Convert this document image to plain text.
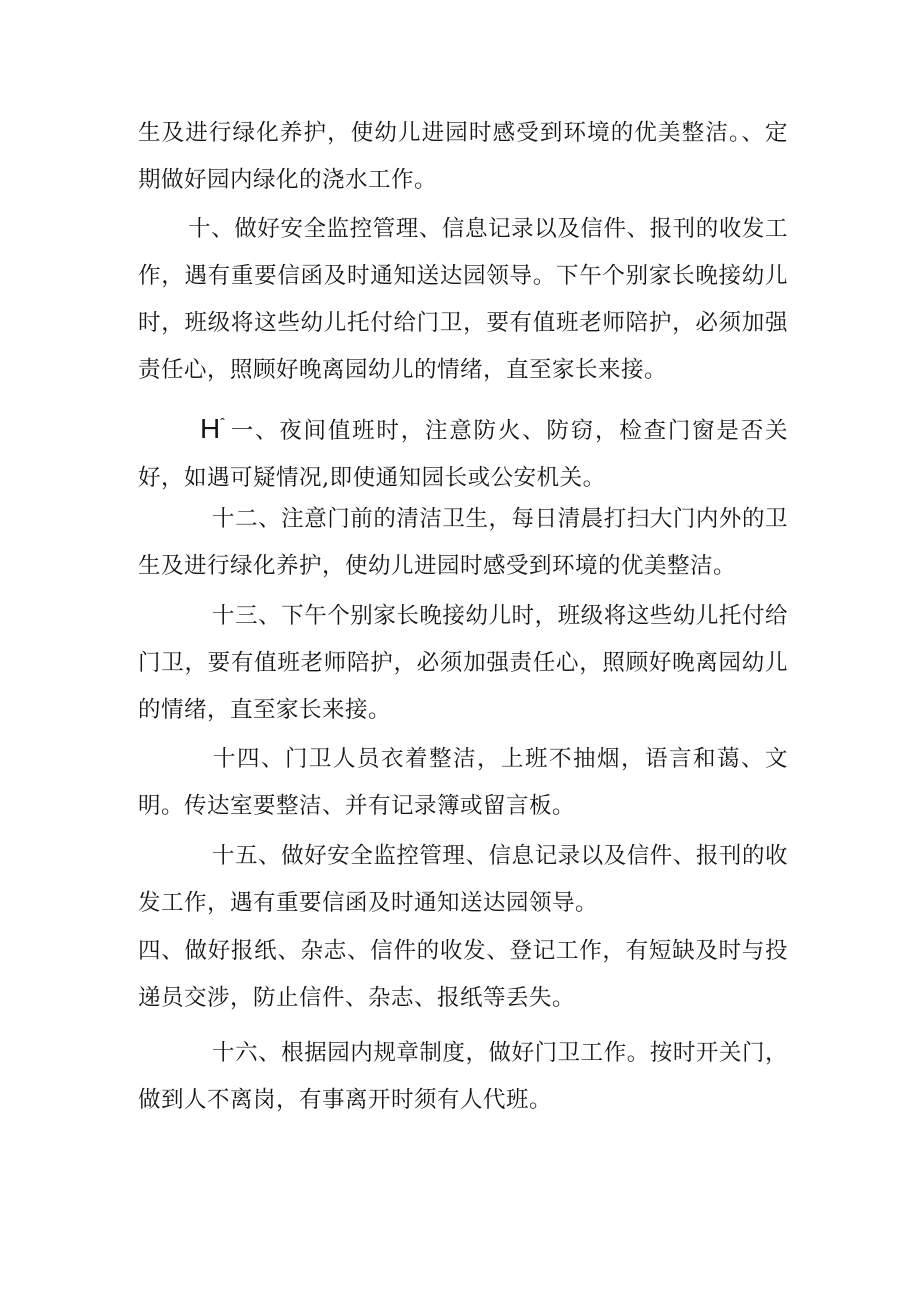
生及进行绿化养护，使幼儿进园时感受到环境的优美整洁。、定期做好园内绿化的浇水工作。

十、做好安全监控管理、信息记录以及信件、报刊的收发工作，遇有重要信函及时通知送达园领导。下午个别家长晚接幼儿时，班级将这些幼儿托付给门卫，要有值班老师陪护，必须加强责任心，照顾好晚离园幼儿的情绪，直至家长来接。

$H^ˆ$ 一、夜间值班时，注意防火、防窃，检查门窗是否关好，如遇可疑情况,即使通知园长或公安机关。

十二、注意门前的清洁卫生，每日清晨打扫大门内外的卫生及进行绿化养护，使幼儿进园时感受到环境的优美整洁。

十三、下午个别家长晚接幼儿时，班级将这些幼儿托付给门卫，要有值班老师陪护，必须加强责任心，照顾好晚离园幼儿的情绪，直至家长来接。

十四、门卫人员衣着整洁，上班不抽烟，语言和蔼、文明。传达室要整洁、并有记录簿或留言板。

十五、做好安全监控管理、信息记录以及信件、报刊的收发工作，遇有重要信函及时通知送达园领导。

四、做好报纸、杂志、信件的收发、登记工作，有短缺及时与投递员交涉，防止信件、杂志、报纸等丢失。

十六、根据园内规章制度，做好门卫工作。按时开关门，做到人不离岗，有事离开时须有人代班。
